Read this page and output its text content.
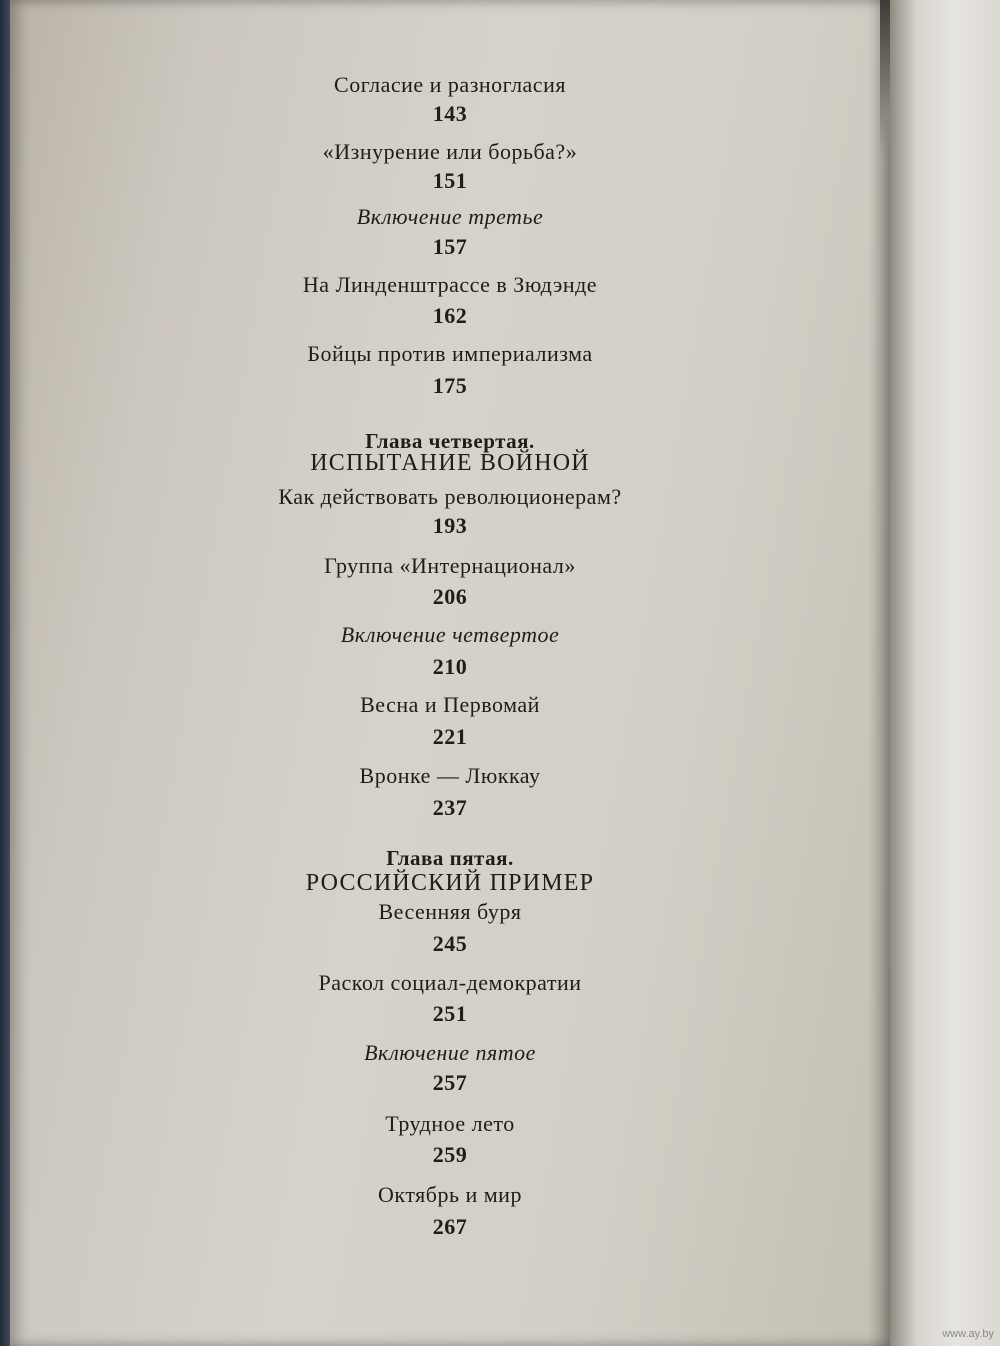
Согласие и разногласия
143
«Изнурение или борьба?»
151
Включение третье
157
На Линденштрассе в Зюдэнде
162
Бойцы против империализма
175
Глава четвертая.
ИСПЫТАНИЕ ВОЙНОЙ
Как действовать революционерам?
193
Группа «Интернационал»
206
Включение четвертое
210
Весна и Первомай
221
Вронке — Люккау
237
Глава пятая.
РОССИЙСКИЙ ПРИМЕР
Весенняя буря
245
Раскол социал-демократии
251
Включение пятое
257
Трудное лето
259
Октябрь и мир
267
www.ay.by
